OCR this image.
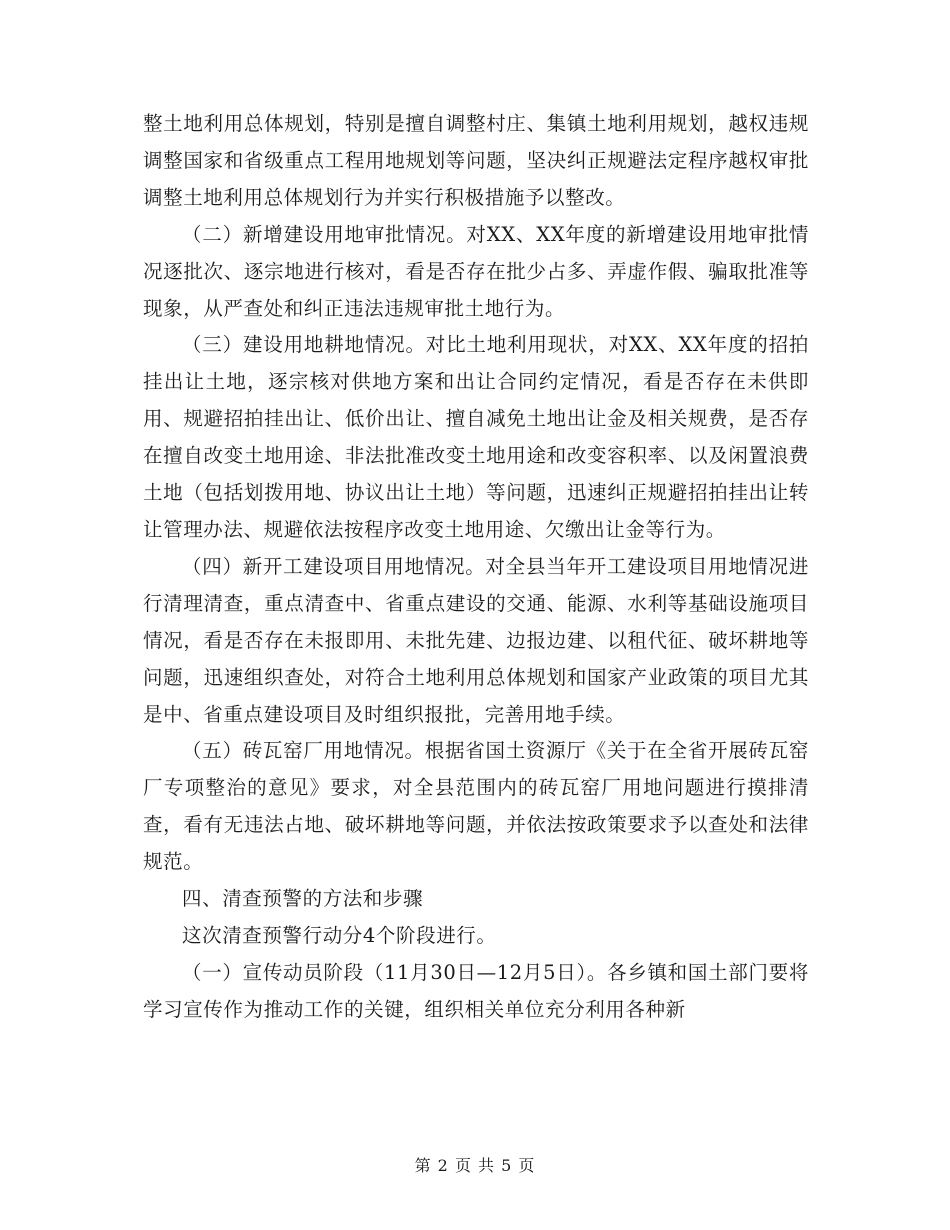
整土地利用总体规划，特别是擅自调整村庄、集镇土地利用规划，越权违规调整国家和省级重点工程用地规划等问题，坚决纠正规避法定程序越权审批调整土地利用总体规划行为并实行积极措施予以整改。

（二）新增建设用地审批情况。对XX、XX年度的新增建设用地审批情况逐批次、逐宗地进行核对，看是否存在批少占多、弄虚作假、骗取批准等现象，从严查处和纠正违法违规审批土地行为。

（三）建设用地耕地情况。对比土地利用现状，对XX、XX年度的招拍挂出让土地，逐宗核对供地方案和出让合同约定情况，看是否存在未供即用、规避招拍挂出让、低价出让、擅自减免土地出让金及相关规费，是否存在擅自改变土地用途、非法批准改变土地用途和改变容积率、以及闲置浪费土地（包括划拨用地、协议出让土地）等问题，迅速纠正规避招拍挂出让转让管理办法、规避依法按程序改变土地用途、欠缴出让金等行为。

（四）新开工建设项目用地情况。对全县当年开工建设项目用地情况进行清理清查，重点清查中、省重点建设的交通、能源、水利等基础设施项目情况，看是否存在未报即用、未批先建、边报边建、以租代征、破坏耕地等问题，迅速组织查处，对符合土地利用总体规划和国家产业政策的项目尤其是中、省重点建设项目及时组织报批，完善用地手续。

（五）砖瓦窑厂用地情况。根据省国土资源厅《关于在全省开展砖瓦窑厂专项整治的意见》要求，对全县范围内的砖瓦窑厂用地问题进行摸排清查，看有无违法占地、破坏耕地等问题，并依法按政策要求予以查处和法律规范。

四、清查预警的方法和步骤

这次清查预警行动分4个阶段进行。

（一）宣传动员阶段（11月30日—12月5日）。各乡镇和国土部门要将学习宣传作为推动工作的关键，组织相关单位充分利用各种新

第 2 页 共 5 页
